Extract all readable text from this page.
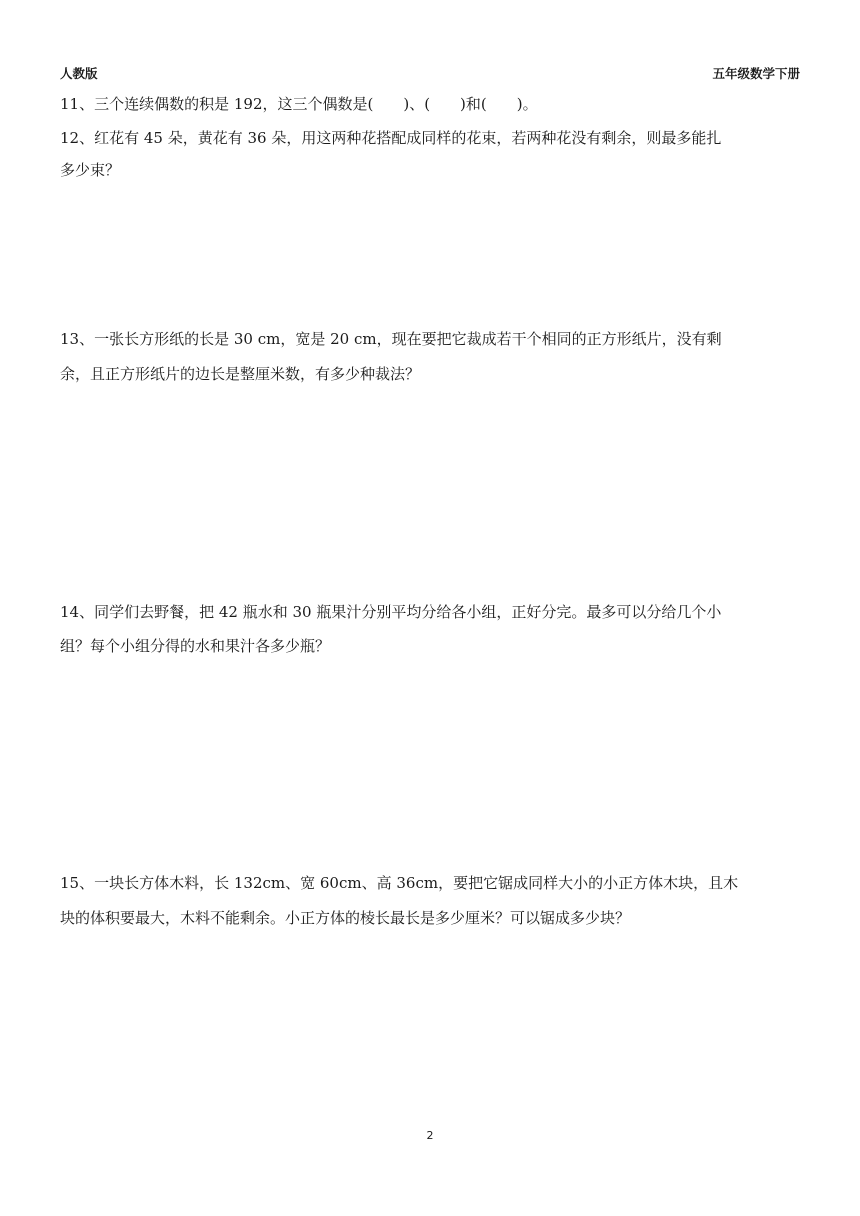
人教版	五年级数学下册
11、三个连续偶数的积是 192，这三个偶数是(　　)、(　　)和(　　)。
12、红花有 45 朵，黄花有 36 朵，用这两种花搭配成同样的花束，若两种花没有剩余，则最多能扎
多少束？
13、一张长方形纸的长是 30 cm，宽是 20 cm，现在要把它裁成若干个相同的正方形纸片，没有剩
余，且正方形纸片的边长是整厘米数，有多少种裁法？
14、同学们去野餐，把 42 瓶水和 30 瓶果汁分别平均分给各小组，正好分完。最多可以分给几个小
组？每个小组分得的水和果汁各多少瓶？
15、一块长方体木料，长 132cm、宽 60cm、高 36cm，要把它锯成同样大小的小正方体木块，且木
块的体积要最大，木料不能剩余。小正方体的棱长最长是多少厘米？可以锯成多少块？
2
